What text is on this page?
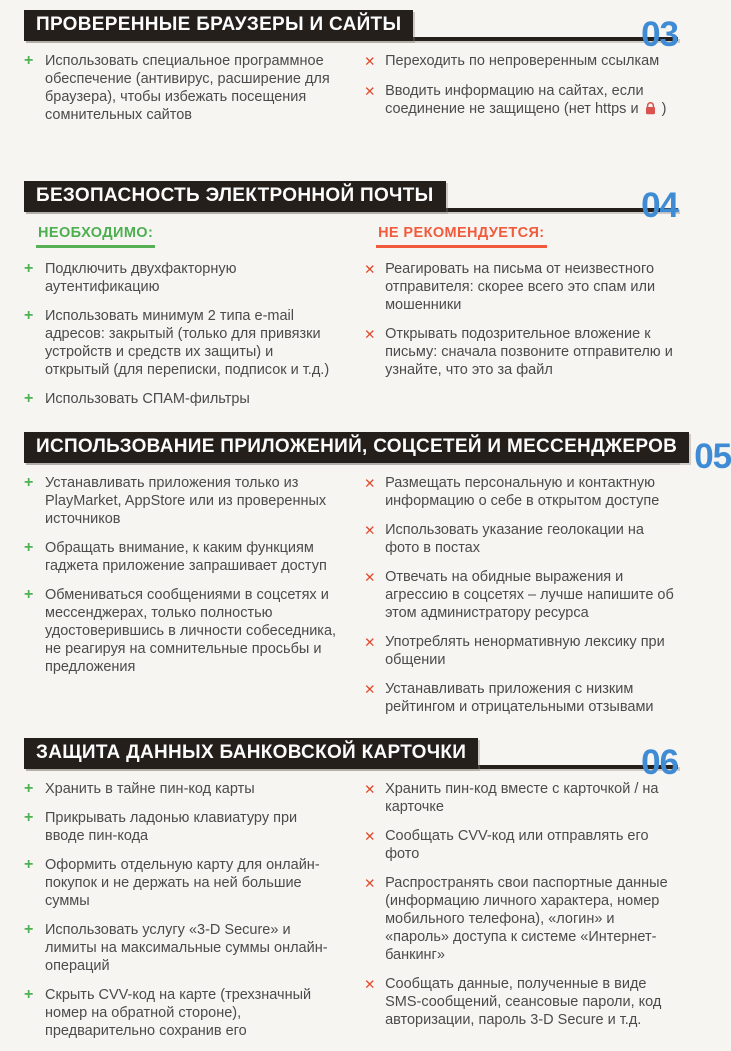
ПРОВЕРЕННЫЕ БРАУЗЕРЫ И САЙТЫ	03
+ Использовать специальное программное обеспечение (антивирус, расширение для браузера), чтобы избежать посещения сомнительных сайтов
✕ Переходить по непроверенным ссылкам
✕ Вводить информацию на сайтах, если соединение не защищено (нет https и  )
БЕЗОПАСНОСТЬ ЭЛЕКТРОННОЙ ПОЧТЫ	04
НЕОБХОДИМО:	НЕ РЕКОМЕНДУЕТСЯ:
+ Подключить двухфакторную аутентификацию
+ Использовать минимум 2 типа e-mail адресов: закрытый (только для привязки устройств и средств их защиты) и открытый (для переписки, подписок и т.д.)
+ Использовать СПАМ-фильтры
✕ Реагировать на письма от неизвестного отправителя: скорее всего это спам или мошенники
✕ Открывать подозрительное вложение к письму: сначала позвоните отправителю и узнайте, что это за файл
ИСПОЛЬЗОВАНИЕ ПРИЛОЖЕНИЙ, СОЦСЕТЕЙ И МЕССЕНДЖЕРОВ 05
+ Устанавливать приложения только из PlayMarket, AppStore или из проверенных источников
+ Обращать внимание, к каким функциям гаджета приложение запрашивает доступ
+ Обмениваться сообщениями в соцсетях и мессенджерах, только полностью удостоверившись в личности собеседника, не реагируя на сомнительные просьбы и предложения
✕ Размещать персональную и контактную информацию о себе в открытом доступе
✕ Использовать указание геолокации на фото в постах
✕ Отвечать на обидные выражения и агрессию в соцсетях – лучше напишите об этом администратору ресурса
✕ Употреблять ненормативную лексику при общении
✕ Устанавливать приложения с низким рейтингом и отрицательными отзывами
ЗАЩИТА ДАННЫХ БАНКОВСКОЙ КАРТОЧКИ	06
+ Хранить в тайне пин-код карты
+ Прикрывать ладонью клавиатуру при вводе пин-кода
+ Оформить отдельную карту для онлайн-покупок и не держать на ней большие суммы
+ Использовать услугу «3-D Secure» и лимиты на максимальные суммы онлайн-операций
+ Скрыть CVV-код на карте (трехзначный номер на обратной стороне), предварительно сохранив его
✕ Хранить пин-код вместе с карточкой / на карточке
✕ Сообщать CVV-код или отправлять его фото
✕ Распространять свои паспортные данные (информацию личного характера, номер мобильного телефона), «логин» и «пароль» доступа к системе «Интернет-банкинг»
✕ Сообщать данные, полученные в виде SMS-сообщений, сеансовые пароли, код авторизации, пароль 3-D Secure и т.д.
